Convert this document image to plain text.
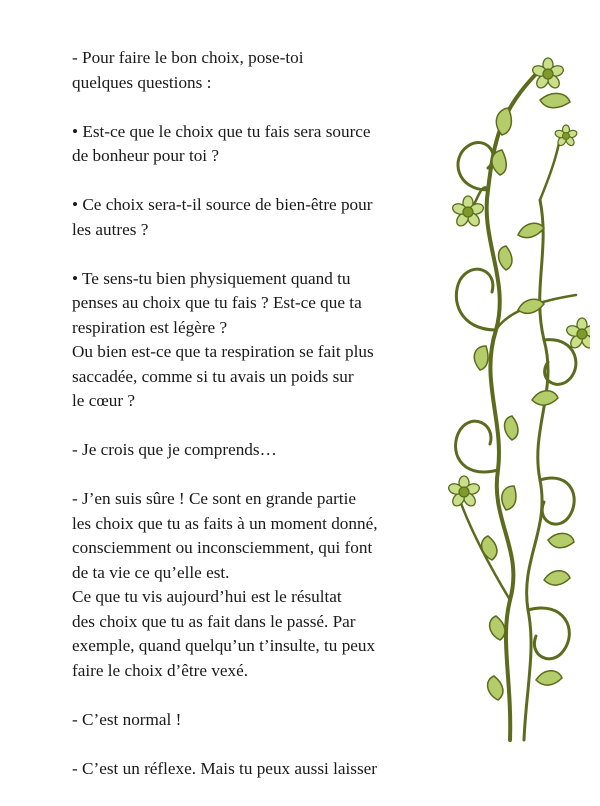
- Pour faire le bon choix, pose-toi
quelques questions :

• Est-ce que le choix que tu fais sera source
de bonheur pour toi ?

• Ce choix sera-t-il source de bien-être pour
les autres ?

• Te sens-tu bien physiquement quand tu
penses au choix que tu fais ? Est-ce que ta
respiration est légère ?
Ou bien est-ce que ta respiration se fait plus
saccadée, comme si tu avais un poids sur
le cœur ?

- Je crois que je comprends…

- J’en suis sûre ! Ce sont en grande partie
les choix que tu as faits à un moment donné,
consciemment ou inconsciemment, qui font
de ta vie ce qu’elle est.
Ce que tu vis aujourd’hui est le résultat
des choix que tu as fait dans le passé. Par
exemple, quand quelqu’un t’insulte, tu peux
faire le choix d’être vexé.

- C’est normal !

- C’est un réflexe. Mais tu peux aussi laisser
